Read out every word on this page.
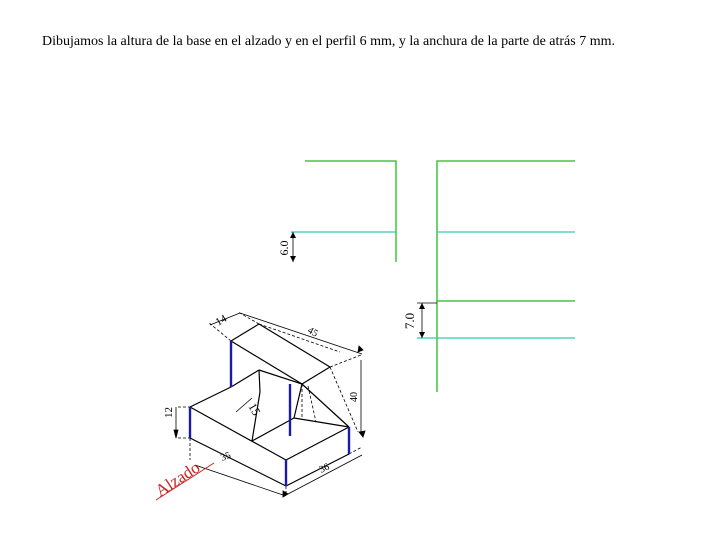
Dibujamos la altura de la base en el alzado y en el perfil 6 mm, y la anchura de la parte de atrás 7 mm.
6.0
7.0
14
45
40
12	15
35
36
Alzado
